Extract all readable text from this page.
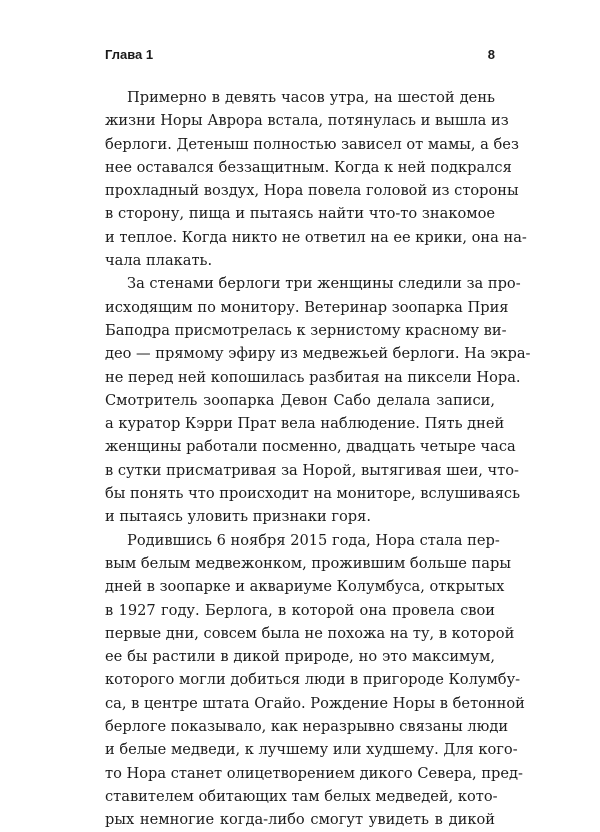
Глава 1	8
Примерно в девять часов утра, на шестой день
жизни Норы Аврора встала, потянулась и вышла из
берлоги. Детеныш полностью зависел от мамы, а без
нее оставался беззащитным. Когда к ней подкрался
прохладный воздух, Нора повела головой из стороны
в сторону, пища и пытаясь найти что-то знакомое
и теплое. Когда никто не ответил на ее крики, она на-
чала плакать.
За стенами берлоги три женщины следили за про-
исходящим по монитору. Ветеринар зоопарка Прия
Баподра присмотрелась к зернистому красному ви-
део — прямому эфиру из медвежьей берлоги. На экра-
не перед ней копошилась разбитая на пиксели Нора.
Смотритель зоопарка Девон Сабо делала записи,
а куратор Кэрри Прат вела наблюдение. Пять дней
женщины работали посменно, двадцать четыре часа
в сутки присматривая за Норой, вытягивая шеи, что-
бы понять что происходит на мониторе, вслушиваясь
и пытаясь уловить признаки горя.
Родившись 6 ноября 2015 года, Нора стала пер-
вым белым медвежонком, прожившим больше пары
дней в зоопарке и аквариуме Колумбуса, открытых
в 1927 году. Берлога, в которой она провела свои
первые дни, совсем была не похожа на ту, в которой
ее бы растили в дикой природе, но это максимум,
которого могли добиться люди в пригороде Колумбу-
са, в центре штата Огайо. Рождение Норы в бетонной
берлоге показывало, как неразрывно связаны люди
и белые медведи, к лучшему или худшему. Для кого-
то Нора станет олицетворением дикого Севера, пред-
ставителем обитающих там белых медведей, кото-
рых немногие когда-либо смогут увидеть в дикой
